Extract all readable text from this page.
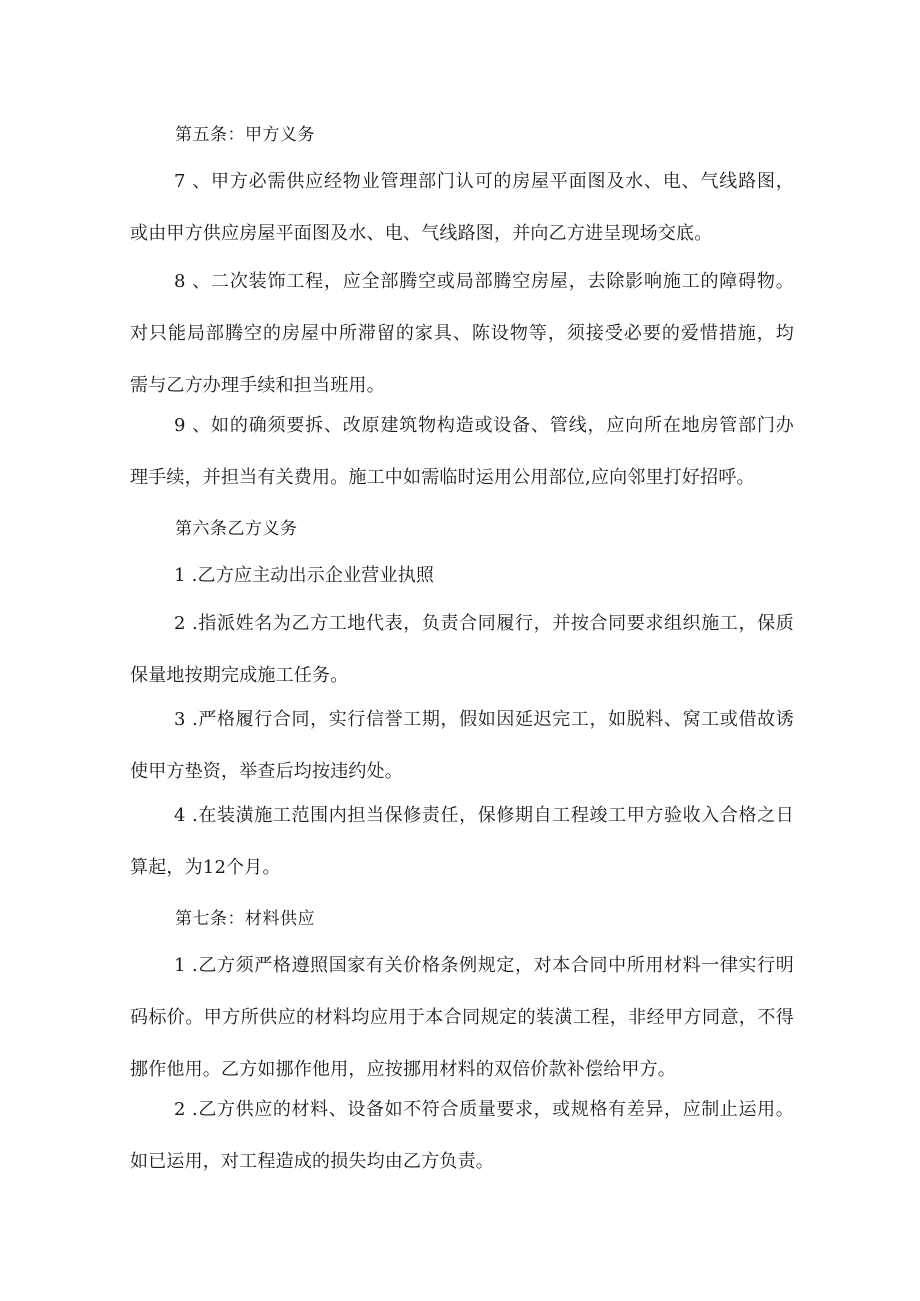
第五条：甲方义务
7 、甲方必需供应经物业管理部门认可的房屋平面图及水、电、气线路图，
或由甲方供应房屋平面图及水、电、气线路图，并向乙方进呈现场交底。
8 、二次装饰工程，应全部腾空或局部腾空房屋，去除影响施工的障碍物。
对只能局部腾空的房屋中所滞留的家具、陈设物等，须接受必要的爱惜措施，均
需与乙方办理手续和担当班用。
9 、如的确须要拆、改原建筑物构造或设备、管线，应向所在地房管部门办
理手续，并担当有关费用。施工中如需临时运用公用部位,应向邻里打好招呼。
第六条乙方义务
1 .乙方应主动出示企业营业执照
2 .指派姓名为乙方工地代表，负责合同履行，并按合同要求组织施工，保质
保量地按期完成施工任务。
3 .严格履行合同，实行信誉工期，假如因延迟完工，如脱料、窝工或借故诱
使甲方垫资，举查后均按违约处。
4 .在装潢施工范围内担当保修责任，保修期自工程竣工甲方验收入合格之日
算起，为12个月。
第七条：材料供应
1 .乙方须严格遵照国家有关价格条例规定，对本合同中所用材料一律实行明
码标价。甲方所供应的材料均应用于本合同规定的装潢工程，非经甲方同意，不得
挪作他用。乙方如挪作他用，应按挪用材料的双倍价款补偿给甲方。
2 .乙方供应的材料、设备如不符合质量要求，或规格有差异，应制止运用。
如已运用，对工程造成的损失均由乙方负责。
